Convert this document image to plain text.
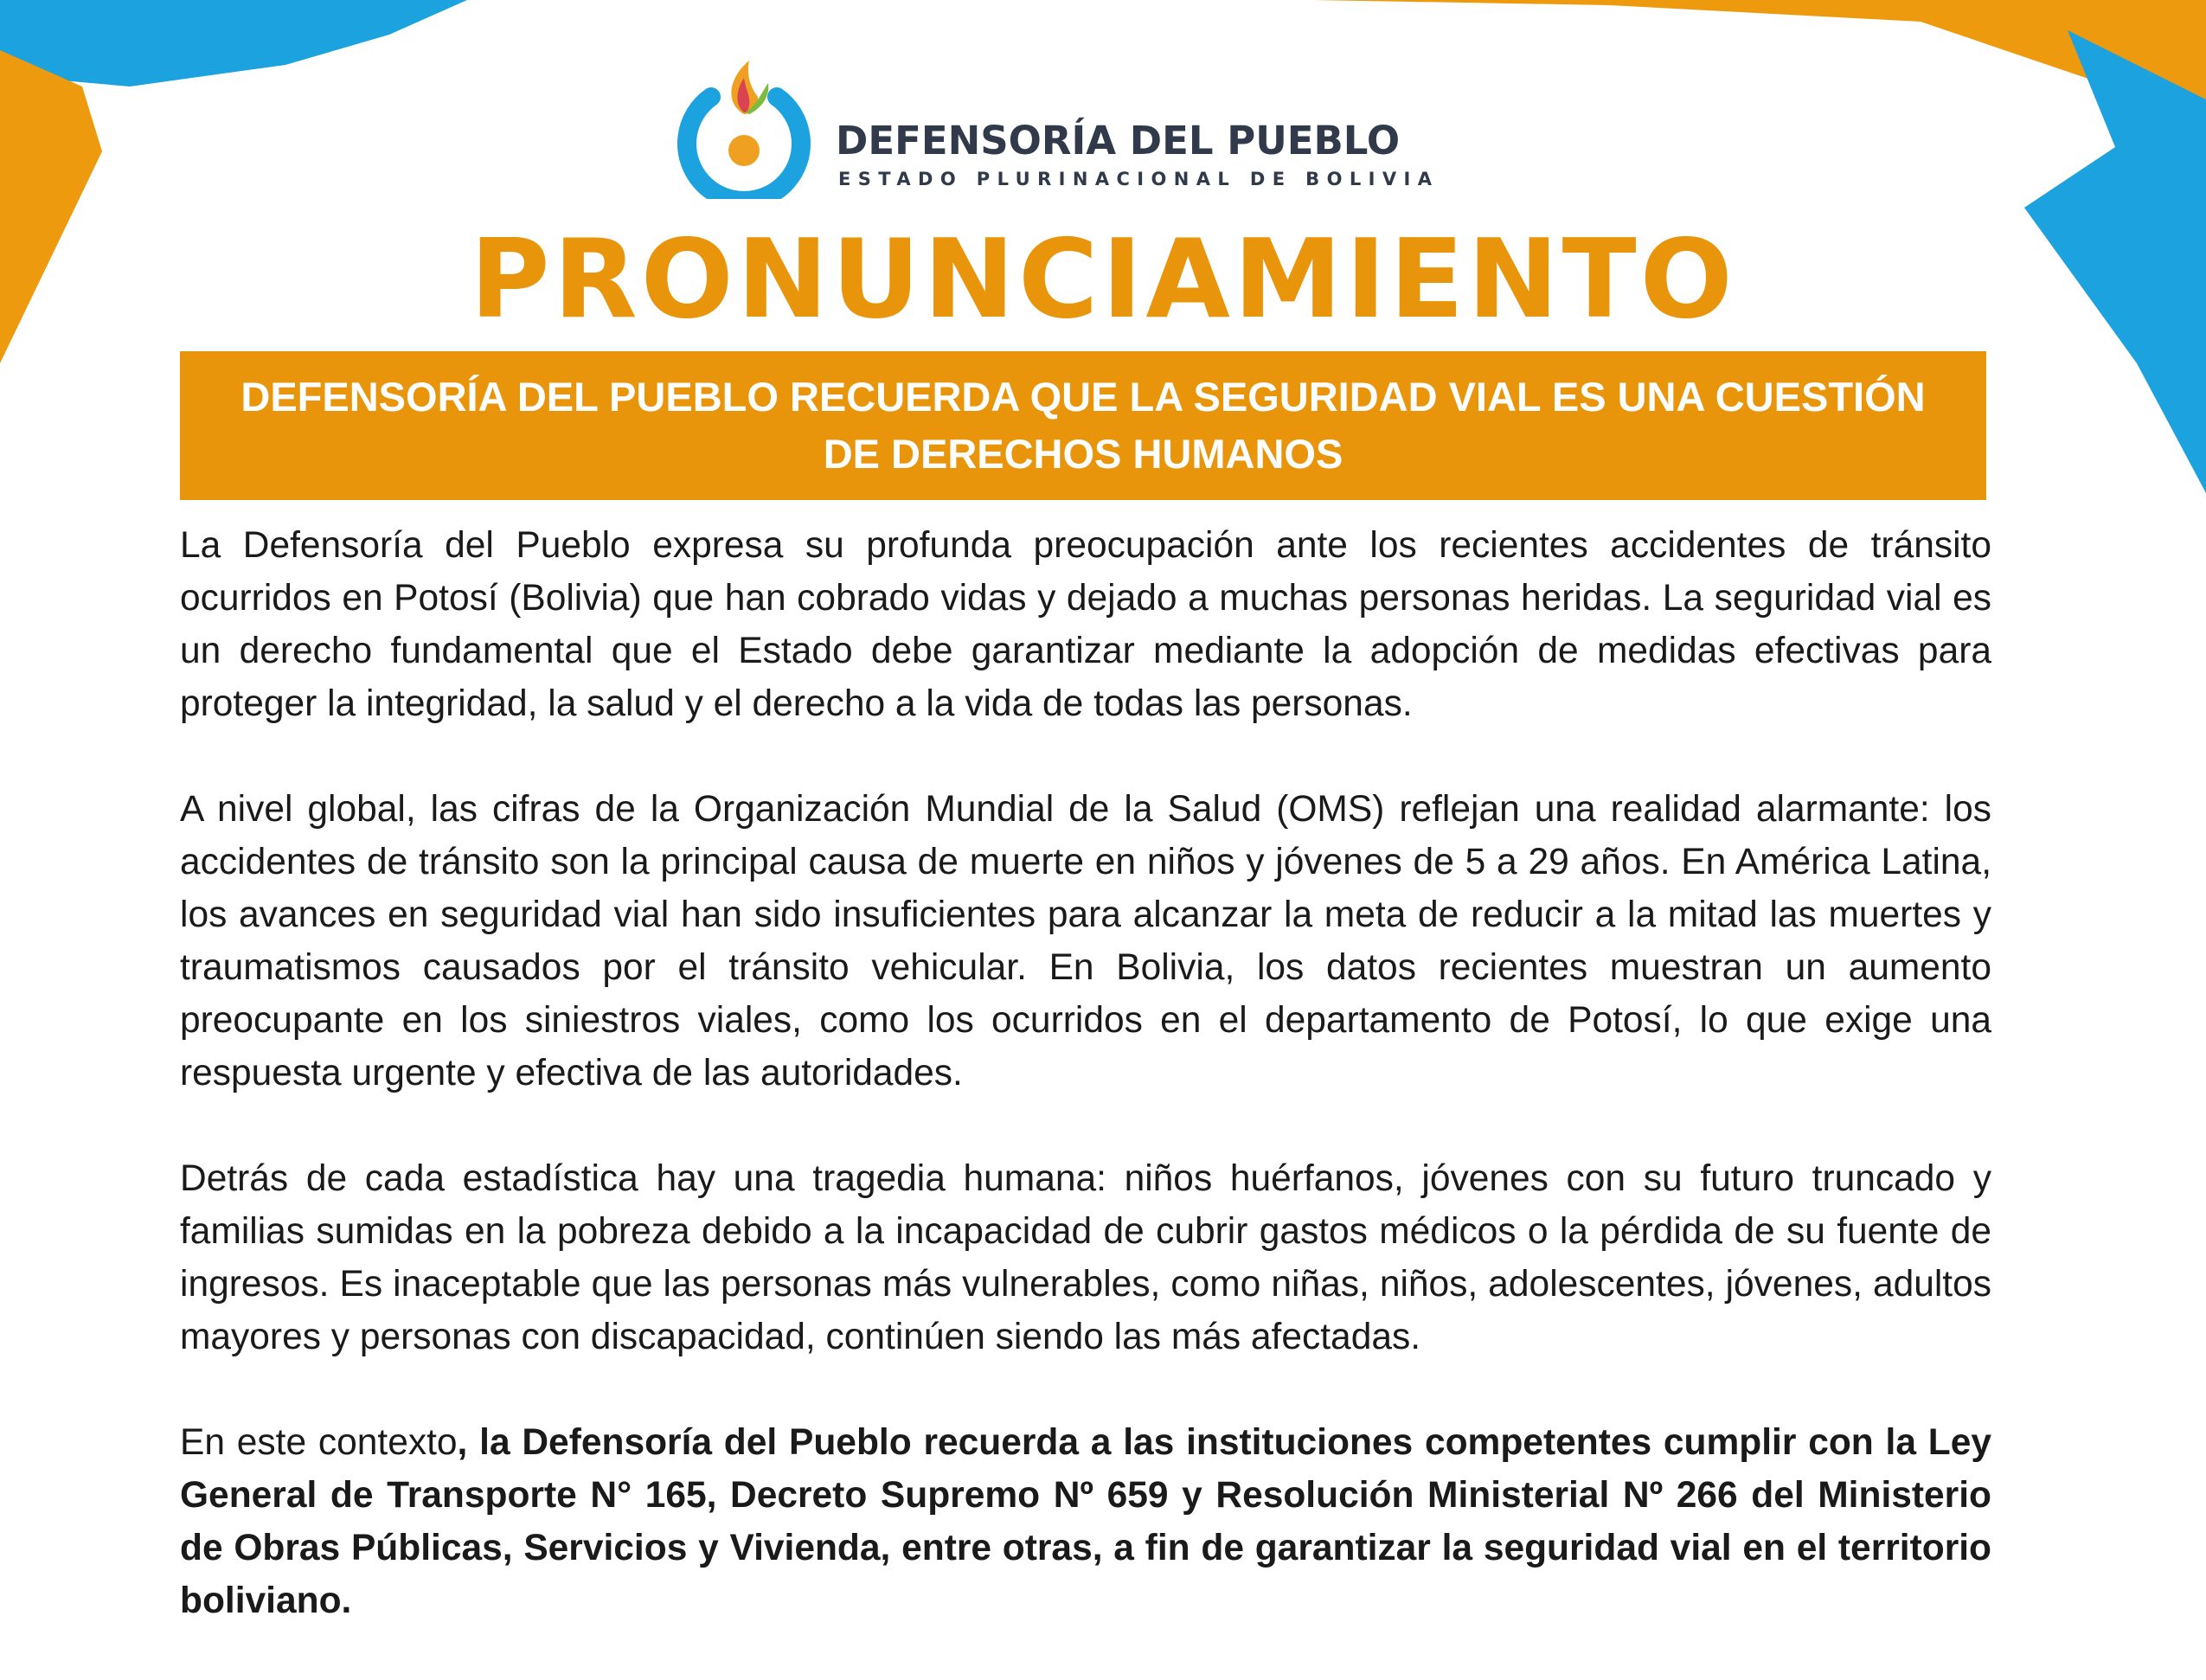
DEFENSORÍA DEL PUEBLO
ESTADO PLURINACIONAL DE BOLIVIA
PRONUNCIAMIENTO
DEFENSORÍA DEL PUEBLO RECUERDA QUE LA SEGURIDAD VIAL ES UNA CUESTIÓN DE DERECHOS HUMANOS

La Defensoría del Pueblo expresa su profunda preocupación ante los recientes accidentes de tránsito ocurridos en Potosí (Bolivia) que han cobrado vidas y dejado a muchas personas heridas. La seguridad vial es un derecho fundamental que el Estado debe garantizar mediante la adopción de medidas efectivas para proteger la integridad, la salud y el derecho a la vida de todas las personas.

A nivel global, las cifras de la Organización Mundial de la Salud (OMS) reflejan una realidad alarmante: los accidentes de tránsito son la principal causa de muerte en niños y jóvenes de 5 a 29 años. En América Latina, los avances en seguridad vial han sido insuficientes para alcanzar la meta de reducir a la mitad las muertes y traumatismos causados por el tránsito vehicular. En Bolivia, los datos recientes muestran un aumento preocupante en los siniestros viales, como los ocurridos en el departamento de Potosí, lo que exige una respuesta urgente y efectiva de las autoridades.

Detrás de cada estadística hay una tragedia humana: niños huérfanos, jóvenes con su futuro truncado y familias sumidas en la pobreza debido a la incapacidad de cubrir gastos médicos o la pérdida de su fuente de ingresos. Es inaceptable que las personas más vulnerables, como niñas, niños, adolescentes, jóvenes, adultos mayores y personas con discapacidad, continúen siendo las más afectadas.

En este contexto, la Defensoría del Pueblo recuerda a las instituciones competentes cumplir con la Ley General de Transporte N° 165, Decreto Supremo Nº 659 y Resolución Ministerial Nº 266 del Ministerio de Obras Públicas, Servicios y Vivienda, entre otras, a fin de garantizar la seguridad vial en el territorio boliviano.
